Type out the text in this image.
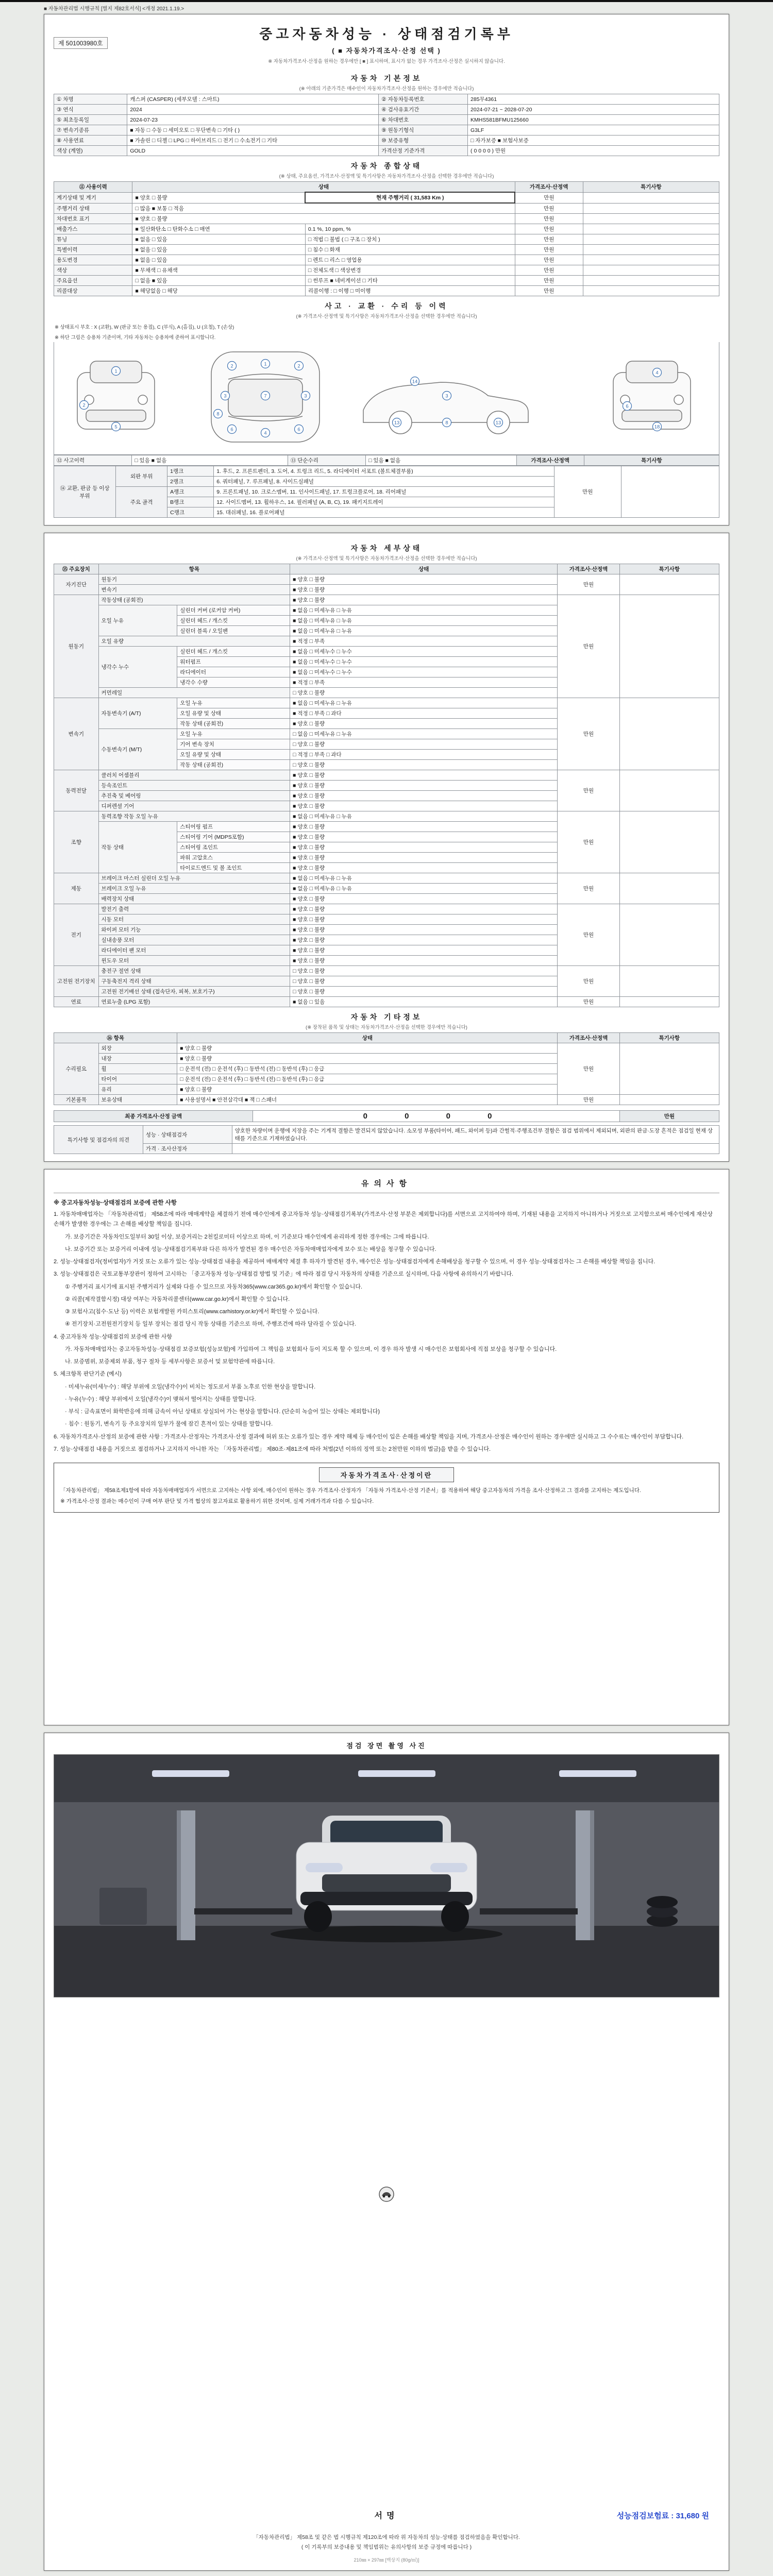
■ 자동차관리법 시행규칙 [별지 제82호서식] <개정 2021.1.19.>
제 501003980호
중고자동차성능 · 상태점검기록부
( ■ 자동차가격조사·산정 선택 )
※ 자동차가격조사·산정을 원하는 경우에만 [ ■ ] 표시하며, 표시가 없는 경우 가격조사·산정은 실시하지 않습니다.
자동차 기본정보
(※ 아래의 기준가격은 매수인이 자동차가격조사·산정을 원하는 경우에만 적습니다)
① 차명	캐스퍼 (CASPER) (세부모델 : 스마트)	② 자동차등록번호	285무4361
③ 연식	2024	④ 검사유효기간	2024-07-21 ~ 2028-07-20
⑤ 최초등록일	2024-07-23	⑥ 차대번호	KMHS581BFMU125660
⑦ 변속기종류	■ 자동 □ 수동 □ 세미오토 □ 무단변속 □ 기타 ( )	⑨ 원동기형식	G3LF
⑧ 사용연료	■ 가솔린 □ 디젤 □ LPG □ 하이브리드 □ 전기 □ 수소전기 □ 기타	⑩ 보증유형	□ 자가보증 ■ 보험사보증
색상 (계열)	GOLD	가격산정 기준가격	( 0 0 0 0 ) 만원
자동차 종합상태
(※ 상태, 주요옵션, 가격조사·산정액 및 특기사항은 자동차가격조사·산정을 선택한 경우에만 적습니다)
⑪ 사용이력	상태		가격조사·산정액	특기사항
계기상태 및 계기	■ 양호 □ 불량	현재 주행거리 ( 31,583 Km )	만원	
주행거리 상태	□ 많음 ■ 보통 □ 적음		만원	
차대번호 표기	■ 양호 □ 불량		만원	
배출가스	■ 일산화탄소 □ 탄화수소 □ 매연	0.1 %, 10 ppm, %	만원	
튜닝	■ 없음 □ 있음	□ 적법 □ 불법 ( □ 구조 □ 장치 )	만원	
특별이력	■ 없음 □ 있음	□ 침수 □ 화재	만원	
용도변경	■ 없음 □ 있음	□ 렌트 □ 리스 □ 영업용	만원	
색상	■ 무채색 □ 유채색	□ 전체도색 □ 색상변경	만원	
주요옵션	□ 없음 ■ 있음	□ 썬루프 ■ 네비게이션 □ 기타	만원	
리콜대상	■ 해당없음 □ 해당	리콜이행 : □ 이행 □ 미이행	만원	
사고 · 교환 · 수리 등 이력
(※ 가격조사·산정액 및 특기사항은 자동차가격조사·산정을 선택한 경우에만 적습니다)
※ 상태표시 부호 : X (교환), W (판금 또는 용접), C (부식), A (흠집), U (요철), T (손상)
※ 하단 그림은 승용차 기준이며, 기타 자동차는 승용차에 준하여 표시합니다.
1
2
5
2	2
1
7
3	3
8
6	6
4
14
3
13	8	13
4
6
18
⑫ 사고이력	□ 있음 ■ 없음	⑬ 단순수리	□ 있음 ■ 없음	가격조사·산정액	특기사항
⑭ 교환, 판금 등 이상 부위	외판 부위	1랭크	1. 후드, 2. 프론트펜더, 3. 도어, 4. 트렁크 리드, 5. 라디에이터 서포트 (볼트체결부품)	만원	
		2랭크	6. 쿼터패널, 7. 루프패널, 8. 사이드실패널		
	주요 골격	A랭크	9. 프론트패널, 10. 크로스멤버, 11. 인사이드패널, 17. 트렁크플로어, 18. 리어패널		
		B랭크	12. 사이드멤버, 13. 휠하우스, 14. 필러패널 (A, B, C), 19. 패키지트레이		
		C랭크	15. 대쉬패널, 16. 플로어패널		
자동차 세부상태
(※ 가격조사·산정액 및 특기사항은 자동차가격조사·산정을 선택한 경우에만 적습니다)
⑮ 주요장치	항목		상태	가격조사·산정액	특기사항
자기진단	원동기		■ 양호 □ 불량	만원	
	변속기		■ 양호 □ 불량		
원동기	작동상태 (공회전)		■ 양호 □ 불량	만원	
	오일 누유	실린더 커버 (로커암 커버)	■ 없음 □ 미세누유 □ 누유		
		실린더 헤드 / 개스킷	■ 없음 □ 미세누유 □ 누유		
		실린더 블록 / 오일팬	■ 없음 □ 미세누유 □ 누유		
	오일 유량		■ 적정 □ 부족		
	냉각수 누수	실린더 헤드 / 개스킷	■ 없음 □ 미세누수 □ 누수		
		워터펌프	■ 없음 □ 미세누수 □ 누수		
		라디에이터	■ 없음 □ 미세누수 □ 누수		
		냉각수 수량	■ 적정 □ 부족		
	커먼레일		□ 양호 □ 불량		
변속기	자동변속기 (A/T)	오일 누유	■ 없음 □ 미세누유 □ 누유	만원	
		오일 유량 및 상태	■ 적정 □ 부족 □ 과다		
		작동 상태 (공회전)	■ 양호 □ 불량		
	수동변속기 (M/T)	오일 누유	□ 없음 □ 미세누유 □ 누유		
		기어 변속 장치	□ 양호 □ 불량		
		오일 유량 및 상태	□ 적정 □ 부족 □ 과다		
		작동 상태 (공회전)	□ 양호 □ 불량		
동력전달	클러치 어셈블리		■ 양호 □ 불량	만원	
	등속조인트		■ 양호 □ 불량		
	추진축 및 베어링		■ 양호 □ 불량		
	디퍼렌셜 기어		■ 양호 □ 불량		
조향	동력조향 작동 오일 누유		■ 없음 □ 미세누유 □ 누유	만원	
	작동 상태	스티어링 펌프	■ 양호 □ 불량		
		스티어링 기어 (MDPS포함)	■ 양호 □ 불량		
		스티어링 조인트	■ 양호 □ 불량		
		파워 고압호스	■ 양호 □ 불량		
		타이로드엔드 및 볼 조인트	■ 양호 □ 불량		
제동	브레이크 마스터 실린더 오일 누유		■ 없음 □ 미세누유 □ 누유	만원	
	브레이크 오일 누유		■ 없음 □ 미세누유 □ 누유		
	배력장치 상태		■ 양호 □ 불량		
전기	발전기 출력		■ 양호 □ 불량	만원	
	시동 모터		■ 양호 □ 불량		
	와이퍼 모터 기능		■ 양호 □ 불량		
	실내송풍 모터		■ 양호 □ 불량		
	라디에이터 팬 모터		■ 양호 □ 불량		
	윈도우 모터		■ 양호 □ 불량		
고전원 전기장치	충전구 절연 상태		□ 양호 □ 불량	만원	
	구동축전지 격리 상태		□ 양호 □ 불량		
	고전원 전기배선 상태 (접속단자, 피복, 보호기구)		□ 양호 □ 불량		
연료	연료누출 (LPG 포함)		■ 없음 □ 있음	만원	
자동차 기타정보
(※ 장착된 품목 및 상태는 자동차가격조사·산정을 선택한 경우에만 적습니다)
⑯ 항목		상태	가격조사·산정액	특기사항
수리필요	외장	■ 양호 □ 불량	만원	
	내장	■ 양호 □ 불량		
	휠	□ 운전석 (전) □ 운전석 (후) □ 동반석 (전) □ 동반석 (후) □ 응급		
	타이어	□ 운전석 (전) □ 운전석 (후) □ 동반석 (전) □ 동반석 (후) □ 응급		
	유리	■ 양호 □ 불량		
기본품목	보유상태	■ 사용설명서 ■ 안전삼각대 ■ 잭 □ 스패너	만원	
최종 가격조사·산정 금액	0 0 0 0	만원
특기사항 및 점검자의 의견	성능 · 상태점검자	양호한 차량이며 운행에 지장을 주는 기계적 결함은 발견되지 않았습니다. 소모성 부품(타이어, 패드, 와이퍼 등)과 간헐적·주행조건부 결함은 점검 범위에서 제외되며, 외판의 판금·도장 흔적은 점검일 현재 상태를 기준으로 기재하였습니다.
	가격 · 조사산정자	
유의사항
※ 중고자동차성능·상태점검의 보증에 관한 사항

1. 자동차매매업자는 「자동차관리법」 제58조에 따라 매매계약을 체결하기 전에 매수인에게 중고자동차 성능·상태점검기록부(가격조사·산정 부분은 제외합니다)를 서면으로 고지하여야 하며, 기재된 내용을 고지하지 아니하거나 거짓으로 고지함으로써 매수인에게 재산상 손해가 발생한 경우에는 그 손해를 배상할 책임을 집니다.

가. 보증기간은 자동차인도일부터 30일 이상, 보증거리는 2천킬로미터 이상으로 하며, 이 기준보다 매수인에게 유리하게 정한 경우에는 그에 따릅니다.

나. 보증기간 또는 보증거리 이내에 성능·상태점검기록부와 다른 하자가 발견된 경우 매수인은 자동차매매업자에게 보수 또는 배상을 청구할 수 있습니다.

2. 성능·상태점검자(정비업자)가 거짓 또는 오류가 있는 성능·상태점검 내용을 제공하여 매매계약 체결 후 하자가 발견된 경우, 매수인은 성능·상태점검자에게 손해배상을 청구할 수 있으며, 이 경우 성능·상태점검자는 그 손해를 배상할 책임을 집니다.

3. 성능·상태점검은 국토교통부장관이 정하여 고시하는 「중고자동차 성능·상태점검 방법 및 기준」에 따라 점검 당시 자동차의 상태를 기준으로 실시하며, 다음 사항에 유의하시기 바랍니다.

① 주행거리 표시기에 표시된 주행거리가 실제와 다를 수 있으므로 자동차365(www.car365.go.kr)에서 확인할 수 있습니다.

② 리콜(제작결함시정) 대상 여부는 자동차리콜센터(www.car.go.kr)에서 확인할 수 있습니다.

③ 보험사고(침수·도난 등) 이력은 보험개발원 카히스토리(www.carhistory.or.kr)에서 확인할 수 있습니다.

④ 전기장치·고전원전기장치 등 일부 장치는 점검 당시 작동 상태를 기준으로 하며, 주행조건에 따라 달라질 수 있습니다.

4. 중고자동차 성능·상태점검의 보증에 관한 사항

가. 자동차매매업자는 중고자동차성능·상태점검 보증보험(성능보험)에 가입하여 그 책임을 보험회사 등이 지도록 할 수 있으며, 이 경우 하자 발생 시 매수인은 보험회사에 직접 보상을 청구할 수 있습니다.

나. 보증범위, 보증제외 부품, 청구 절차 등 세부사항은 보증서 및 보험약관에 따릅니다.

5. 체크항목 판단기준 (예시)

· 미세누유(미세누수) : 해당 부위에 오일(냉각수)이 비치는 정도로서 부품 노후로 인한 현상을 말합니다.

· 누유(누수) : 해당 부위에서 오일(냉각수)이 맺혀서 떨어지는 상태를 말합니다.

· 부식 : 금속표면이 화학반응에 의해 금속이 아닌 상태로 상실되어 가는 현상을 말합니다. (단순히 녹슬어 있는 상태는 제외합니다)

· 침수 : 원동기, 변속기 등 주요장치의 일부가 물에 잠긴 흔적이 있는 상태를 말합니다.

6. 자동차가격조사·산정의 보증에 관한 사항 : 가격조사·산정자는 가격조사·산정 결과에 허위 또는 오류가 있는 경우 계약 해제 등 매수인이 입은 손해를 배상할 책임을 지며, 가격조사·산정은 매수인이 원하는 경우에만 실시하고 그 수수료는 매수인이 부담합니다.

7. 성능·상태점검 내용을 거짓으로 점검하거나 고지하지 아니한 자는 「자동차관리법」 제80조·제81조에 따라 처벌(2년 이하의 징역 또는 2천만원 이하의 벌금)을 받을 수 있습니다.

자동차가격조사·산정이란

「자동차관리법」 제58조제1항에 따라 자동차매매업자가 서면으로 고지하는 사항 외에, 매수인이 원하는 경우 가격조사·산정자가 「자동차 가격조사·산정 기준서」를 적용하여 해당 중고자동차의 가격을 조사·산정하고 그 결과를 고지하는 제도입니다.

※ 가격조사·산정 결과는 매수인이 구매 여부 판단 및 가격 협상의 참고자료로 활용하기 위한 것이며, 실제 거래가격과 다를 수 있습니다.

점검 장면 촬영 사진
서명	성능점검보험료 : 31,680 원
「자동차관리법」 제58조 및 같은 법 시행규칙 제120조에 따라 위 자동차의 성능·상태를 점검하였음을 확인합니다.
( 이 기록부의 보증내용 및 책임범위는 유의사항의 보증 규정에 따릅니다 )
210㎜ × 297㎜ [백상지 (80g/㎡)]
